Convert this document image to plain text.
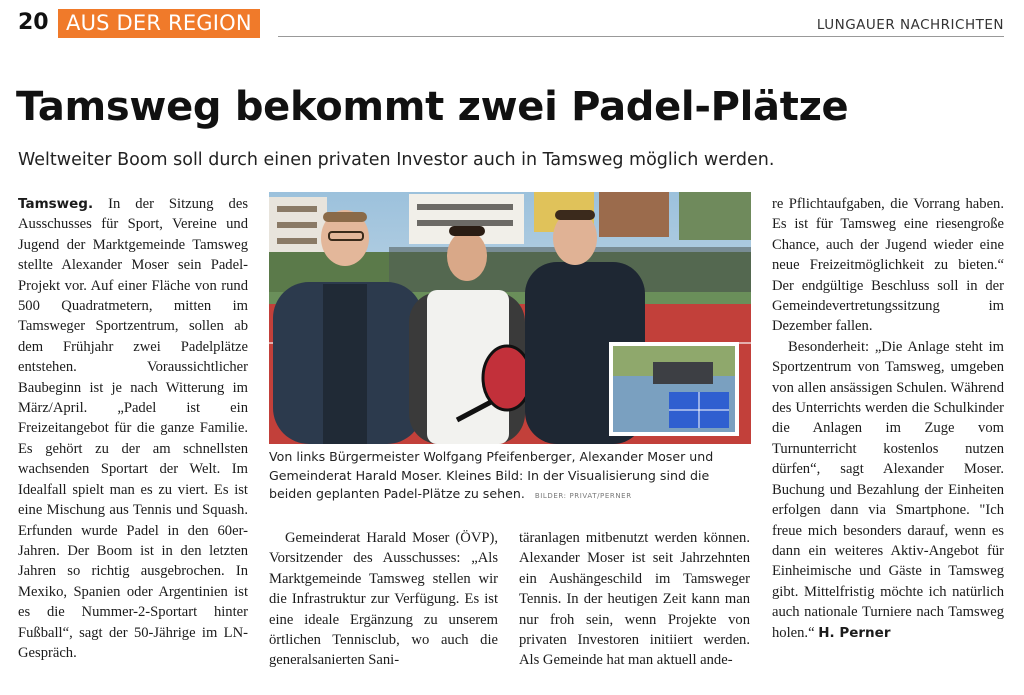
20 AUS DER REGION	LUNGAUER NACHRICHTEN
Tamsweg bekommt zwei Padel-Plätze
Weltweiter Boom soll durch einen privaten Investor auch in Tamsweg möglich werden.

Tamsweg. In der Sitzung des Ausschusses für Sport, Vereine und Jugend der Marktgemeinde Tamsweg stellte Alexander Moser sein Padel-Projekt vor. Auf einer Fläche von rund 500 Quadratmetern, mitten im Tamsweger Sportzentrum, sollen ab dem Frühjahr zwei Padelplätze entstehen. Voraussichtlicher Baubeginn ist je nach Witterung im März/April. „Padel ist ein Freizeitangebot für die ganze Familie. Es gehört zu der am schnellsten wachsenden Sportart der Welt. Im Idealfall spielt man es zu viert. Es ist eine Mischung aus Tennis und Squash. Erfunden wurde Padel in den 60er-Jahren. Der Boom ist in den letzten Jahren so richtig ausgebrochen. In Mexiko, Spanien oder Argentinien ist es die Nummer-2-Sportart hinter Fußball“, sagt der 50-Jährige im LN-Gespräch.

Von links Bürgermeister Wolfgang Pfeifenberger, Alexander Moser und Gemeinderat Harald Moser. Kleines Bild: In der Visualisierung sind die beiden geplanten Padel-Plätze zu sehen. BILDER: PRIVAT/PERNER

Gemeinderat Harald Moser (ÖVP), Vorsitzender des Ausschusses: „Als Marktgemeinde Tamsweg stellen wir die Infrastruktur zur Verfügung. Es ist eine ideale Ergänzung zu unserem örtlichen Tennisclub, wo auch die generalsanierten Sani-

täranlagen mitbenutzt werden können. Alexander Moser ist seit Jahrzehnten ein Aushängeschild im Tamsweger Tennis. In der heutigen Zeit kann man nur froh sein, wenn Projekte von privaten Investoren initiiert werden. Als Gemeinde hat man aktuell ande-

re Pflichtaufgaben, die Vorrang haben. Es ist für Tamsweg eine riesengroße Chance, auch der Jugend wieder eine neue Freizeitmöglichkeit zu bieten.“ Der endgültige Beschluss soll in der Gemeindevertretungssitzung im Dezember fallen.

Besonderheit: „Die Anlage steht im Sportzentrum von Tamsweg, umgeben von allen ansässigen Schulen. Während des Unterrichts werden die Schulkinder die Anlagen im Zuge vom Turnunterricht kostenlos nutzen dürfen“, sagt Alexander Moser. Buchung und Bezahlung der Einheiten erfolgen dann via Smartphone. "Ich freue mich besonders darauf, wenn es dann ein weiteres Aktiv-Angebot für Einheimische und Gäste in Tamsweg gibt. Mittelfristig möchte ich natürlich auch nationale Turniere nach Tamsweg holen.“ H. Perner
